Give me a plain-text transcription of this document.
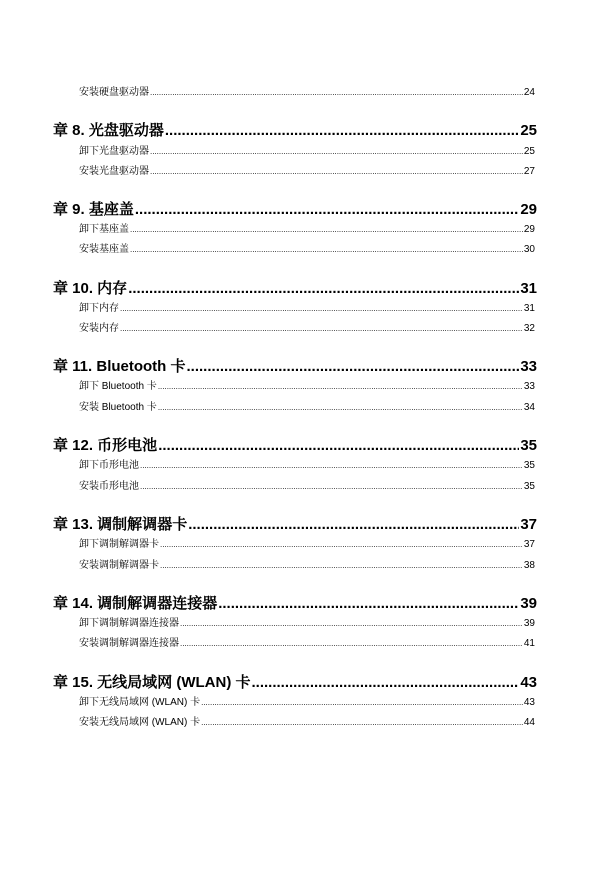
安装硬盘驱动器 .....	24
章 8. 光盘驱动器 .....	25
卸下光盘驱动器 .....	25
安装光盘驱动器 .....	27
章 9. 基座盖 .....	29
卸下基座盖 .....	29
安装基座盖 .....	30
章 10. 内存 .....	31
卸下内存 .....	31
安装内存 .....	32
章 11. Bluetooth 卡 .....	33
卸下 Bluetooth 卡 .....	33
安装 Bluetooth 卡 .....	34
章 12. 币形电池 .....	35
卸下币形电池 .....	35
安装币形电池 .....	35
章 13. 调制解调器卡 .....	37
卸下调制解调器卡 .....	37
安装调制解调器卡 .....	38
章 14. 调制解调器连接器 .....	39
卸下调制解调器连接器 .....	39
安装调制解调器连接器 .....	41
章 15. 无线局域网 (WLAN) 卡 .....	43
卸下无线局域网 (WLAN) 卡 .....	43
安装无线局域网 (WLAN) 卡 .....	44
